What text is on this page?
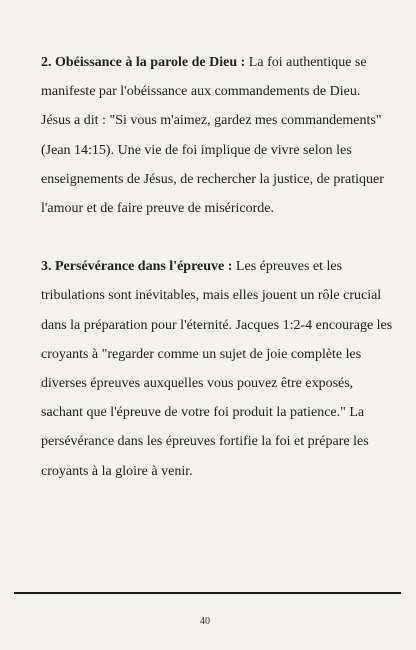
2. Obéissance à la parole de Dieu : La foi authentique se manifeste par l'obéissance aux commandements de Dieu. Jésus a dit : "Si vous m'aimez, gardez mes commandements" (Jean 14:15). Une vie de foi implique de vivre selon les enseignements de Jésus, de rechercher la justice, de pratiquer l'amour et de faire preuve de miséricorde.

3. Persévérance dans l'épreuve : Les épreuves et les tribulations sont inévitables, mais elles jouent un rôle crucial dans la préparation pour l'éternité. Jacques 1:2-4 encourage les croyants à "regarder comme un sujet de joie complète les diverses épreuves auxquelles vous pouvez être exposés, sachant que l'épreuve de votre foi produit la patience." La persévérance dans les épreuves fortifie la foi et prépare les croyants à la gloire à venir.

40
